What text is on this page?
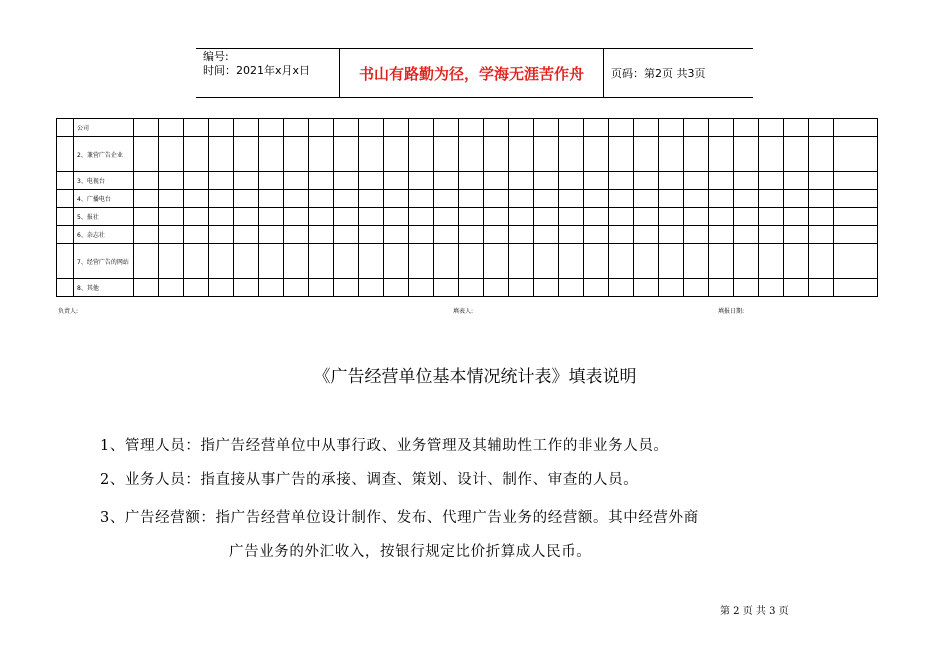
编号:
时间：2021年x月x日	书山有路勤为径，学海无涯苦作舟	页码：第2页 共3页
	公司																													
	2、兼营广告企业																													
	3、电视台																													
	4、广播电台																													
	5、报社																													
	6、杂志社																													
	7、经营广告的网站																													
	8、其他																													
负责人:	填表人:	填报日期:
《广告经营单位基本情况统计表》填表说明
1、管理人员：指广告经营单位中从事行政、业务管理及其辅助性工作的非业务人员。
2、业务人员：指直接从事广告的承接、调查、策划、设计、制作、审查的人员。
3、广告经营额：指广告经营单位设计制作、发布、代理广告业务的经营额。其中经营外商
广告业务的外汇收入，按银行规定比价折算成人民币。
第 2 页 共 3 页
